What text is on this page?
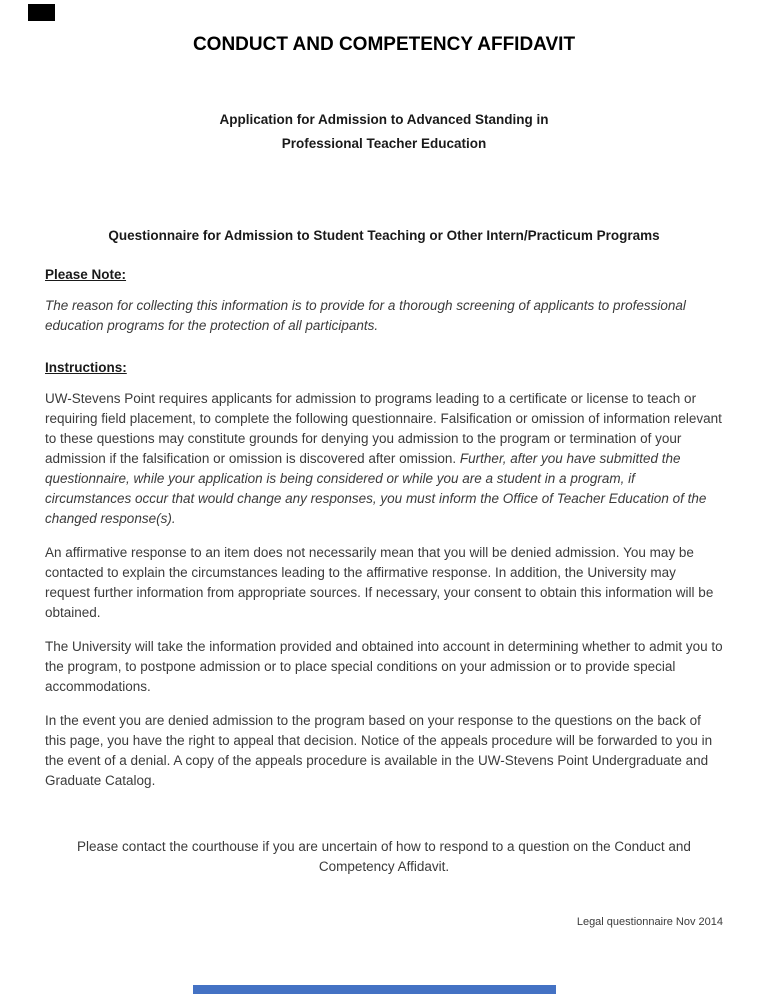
CONDUCT AND COMPETENCY AFFIDAVIT
Application for Admission to Advanced Standing in
Professional Teacher Education
Questionnaire for Admission to Student Teaching or Other Intern/Practicum Programs
Please Note:
The reason for collecting this information is to provide for a thorough screening of applicants to professional education programs for the protection of all participants.
Instructions:
UW-Stevens Point requires applicants for admission to programs leading to a certificate or license to teach or requiring field placement, to complete the following questionnaire. Falsification or omission of information relevant to these questions may constitute grounds for denying you admission to the program or termination of your admission if the falsification or omission is discovered after omission. Further, after you have submitted the questionnaire, while your application is being considered or while you are a student in a program, if circumstances occur that would change any responses, you must inform the Office of Teacher Education of the changed response(s).
An affirmative response to an item does not necessarily mean that you will be denied admission. You may be contacted to explain the circumstances leading to the affirmative response. In addition, the University may request further information from appropriate sources. If necessary, your consent to obtain this information will be obtained.
The University will take the information provided and obtained into account in determining whether to admit you to the program, to postpone admission or to place special conditions on your admission or to provide special accommodations.
In the event you are denied admission to the program based on your response to the questions on the back of this page, you have the right to appeal that decision. Notice of the appeals procedure will be forwarded to you in the event of a denial. A copy of the appeals procedure is available in the UW-Stevens Point Undergraduate and Graduate Catalog.
Please contact the courthouse if you are uncertain of how to respond to a question on the Conduct and Competency Affidavit.
Legal questionnaire Nov 2014
